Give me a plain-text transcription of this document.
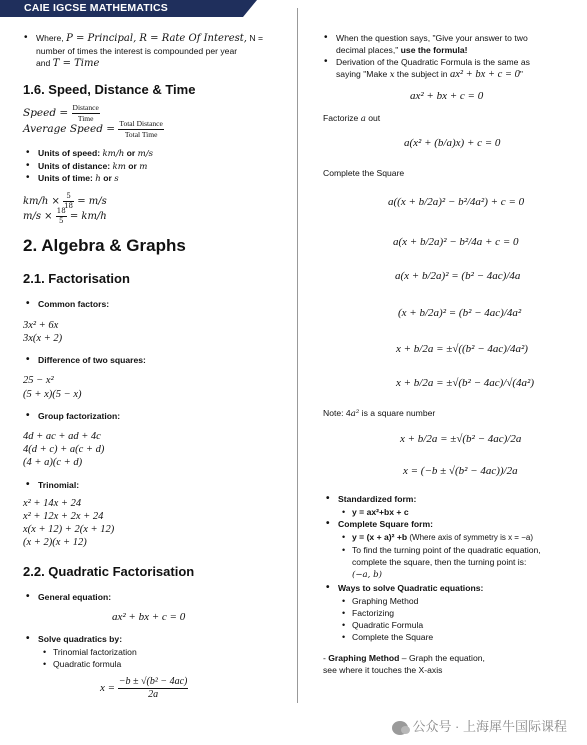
CAIE IGCSE MATHEMATICS
• Where, P = Principal, R = Rate Of Interest, N =
number of times the interest is compounded per year
and T = Time
1.6. Speed, Distance & Time
Speed = $\frac{\text{Distance}}{\text{Time}}$
Average Speed = $\frac{\text{Total Distance}}{\text{Total Time}}$
• Units of speed: km/h or m/s
• Units of distance: km or m
• Units of time: h or s
$km/h \times \frac{5}{18} = m/s$
$m/s \times \frac{18}{5} = km/h$
2. Algebra & Graphs
2.1. Factorisation
• Common factors:
3x² + 6x
3x(x + 2)
• Difference of two squares:
25 − x²
(5 + x)(5 − x)
• Group factorization:
4d + ac + ad + 4c
4(d + c) + a(c + d)
(4 + a)(c + d)
• Trinomial:
x² + 14x + 24
x² + 12x + 2x + 24
x(x + 12) + 2(x + 12)
(x + 2)(x + 12)
2.2. Quadratic Factorisation
• General equation:
ax² + bx + c = 0
• Solve quadratics by:
• Trinomial factorization
• Quadratic formula
$x = \frac{\text{−b ± √(b² − 4ac)}}{2a}$
• When the question says, "Give your answer to two
decimal places," use the formula!
• Derivation of the Quadratic Formula is the same as
saying "Make x the subject in ax² + bx + c = 0"
ax² + bx + c = 0
Factorize a out
a(x² + (b/a)x) + c = 0
Complete the Square
a((x + b/2a)² − b²/4a²) + c = 0
a(x + b/2a)² − b²/4a + c = 0
a(x + b/2a)² = (b² − 4ac)/4a
(x + b/2a)² = (b² − 4ac)/4a²
x + b/2a = ±√((b² − 4ac)/4a²)
x + b/2a = ±√(b² − 4ac)/√(4a²)
Note: 4a² is a square number
x + b/2a = ±√(b² − 4ac)/2a
x = (−b ± √(b² − 4ac))/2a
• Standardized form:
• y = ax²+bx + c
• Complete Square form:
• y = (x + a)² +b (Where axis of symmetry is x = −a)
• To find the turning point of the quadratic equation,
complete the square, then the turning point is:
(−a, b)
• Ways to solve Quadratic equations:
• Graphing Method
• Factorizing
• Quadratic Formula
• Complete the Square
- Graphing Method – Graph the equation,
see where it touches the X-axis
公众号 · 上海犀牛国际课程
